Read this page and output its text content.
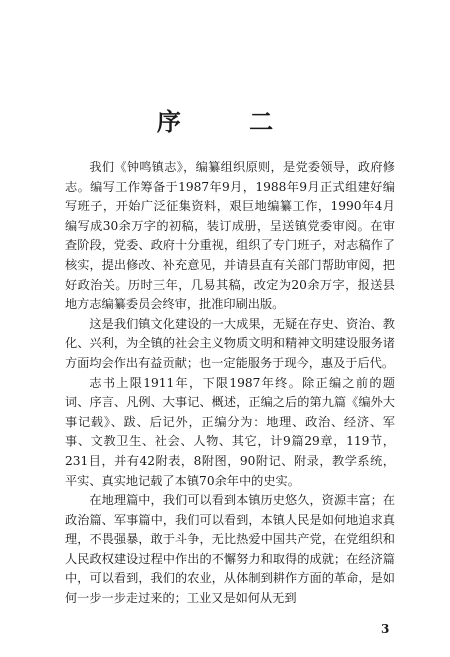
序 二

我们《钟鸣镇志》，编纂组织原则，是党委领导，政府修志。编写工作筹备于1987年9月，1988年9月正式组建好编写班子，开始广泛征集资料，艰巨地编纂工作，1990年4月编写成30余万字的初稿，装订成册，呈送镇党委审阅。在审查阶段，党委、政府十分重视，组织了专门班子，对志稿作了核实，提出修改、补充意见，并请县直有关部门帮助审阅，把好政治关。历时三年，几易其稿，改定为20余万字，报送县地方志编纂委员会终审，批准印刷出版。

这是我们镇文化建设的一大成果，无疑在存史、资治、教化、兴利，为全镇的社会主义物质文明和精神文明建设服务诸方面均会作出有益贡献；也一定能服务于现今，惠及于后代。

志书上限1911年，下限1987年终。除正编之前的题词、序言、凡例、大事记、概述，正编之后的第九篇《编外大事记载》、跋、后记外，正编分为：地理、政治、经济、军事、文教卫生、社会、人物、其它，计9篇29章，119节，231目，并有42附表，8附图，90附记、附录，教学系统，平实、真实地记载了本镇70余年中的史实。

在地理篇中，我们可以看到本镇历史悠久，资源丰富；在政治篇、军事篇中，我们可以看到，本镇人民是如何地追求真理，不畏强暴，敢于斗争，无比热爱中国共产党，在党组织和人民政权建设过程中作出的不懈努力和取得的成就；在经济篇中，可以看到，我们的农业，从体制到耕作方面的革命，是如何一步一步走过来的；工业又是如何从无到

3
